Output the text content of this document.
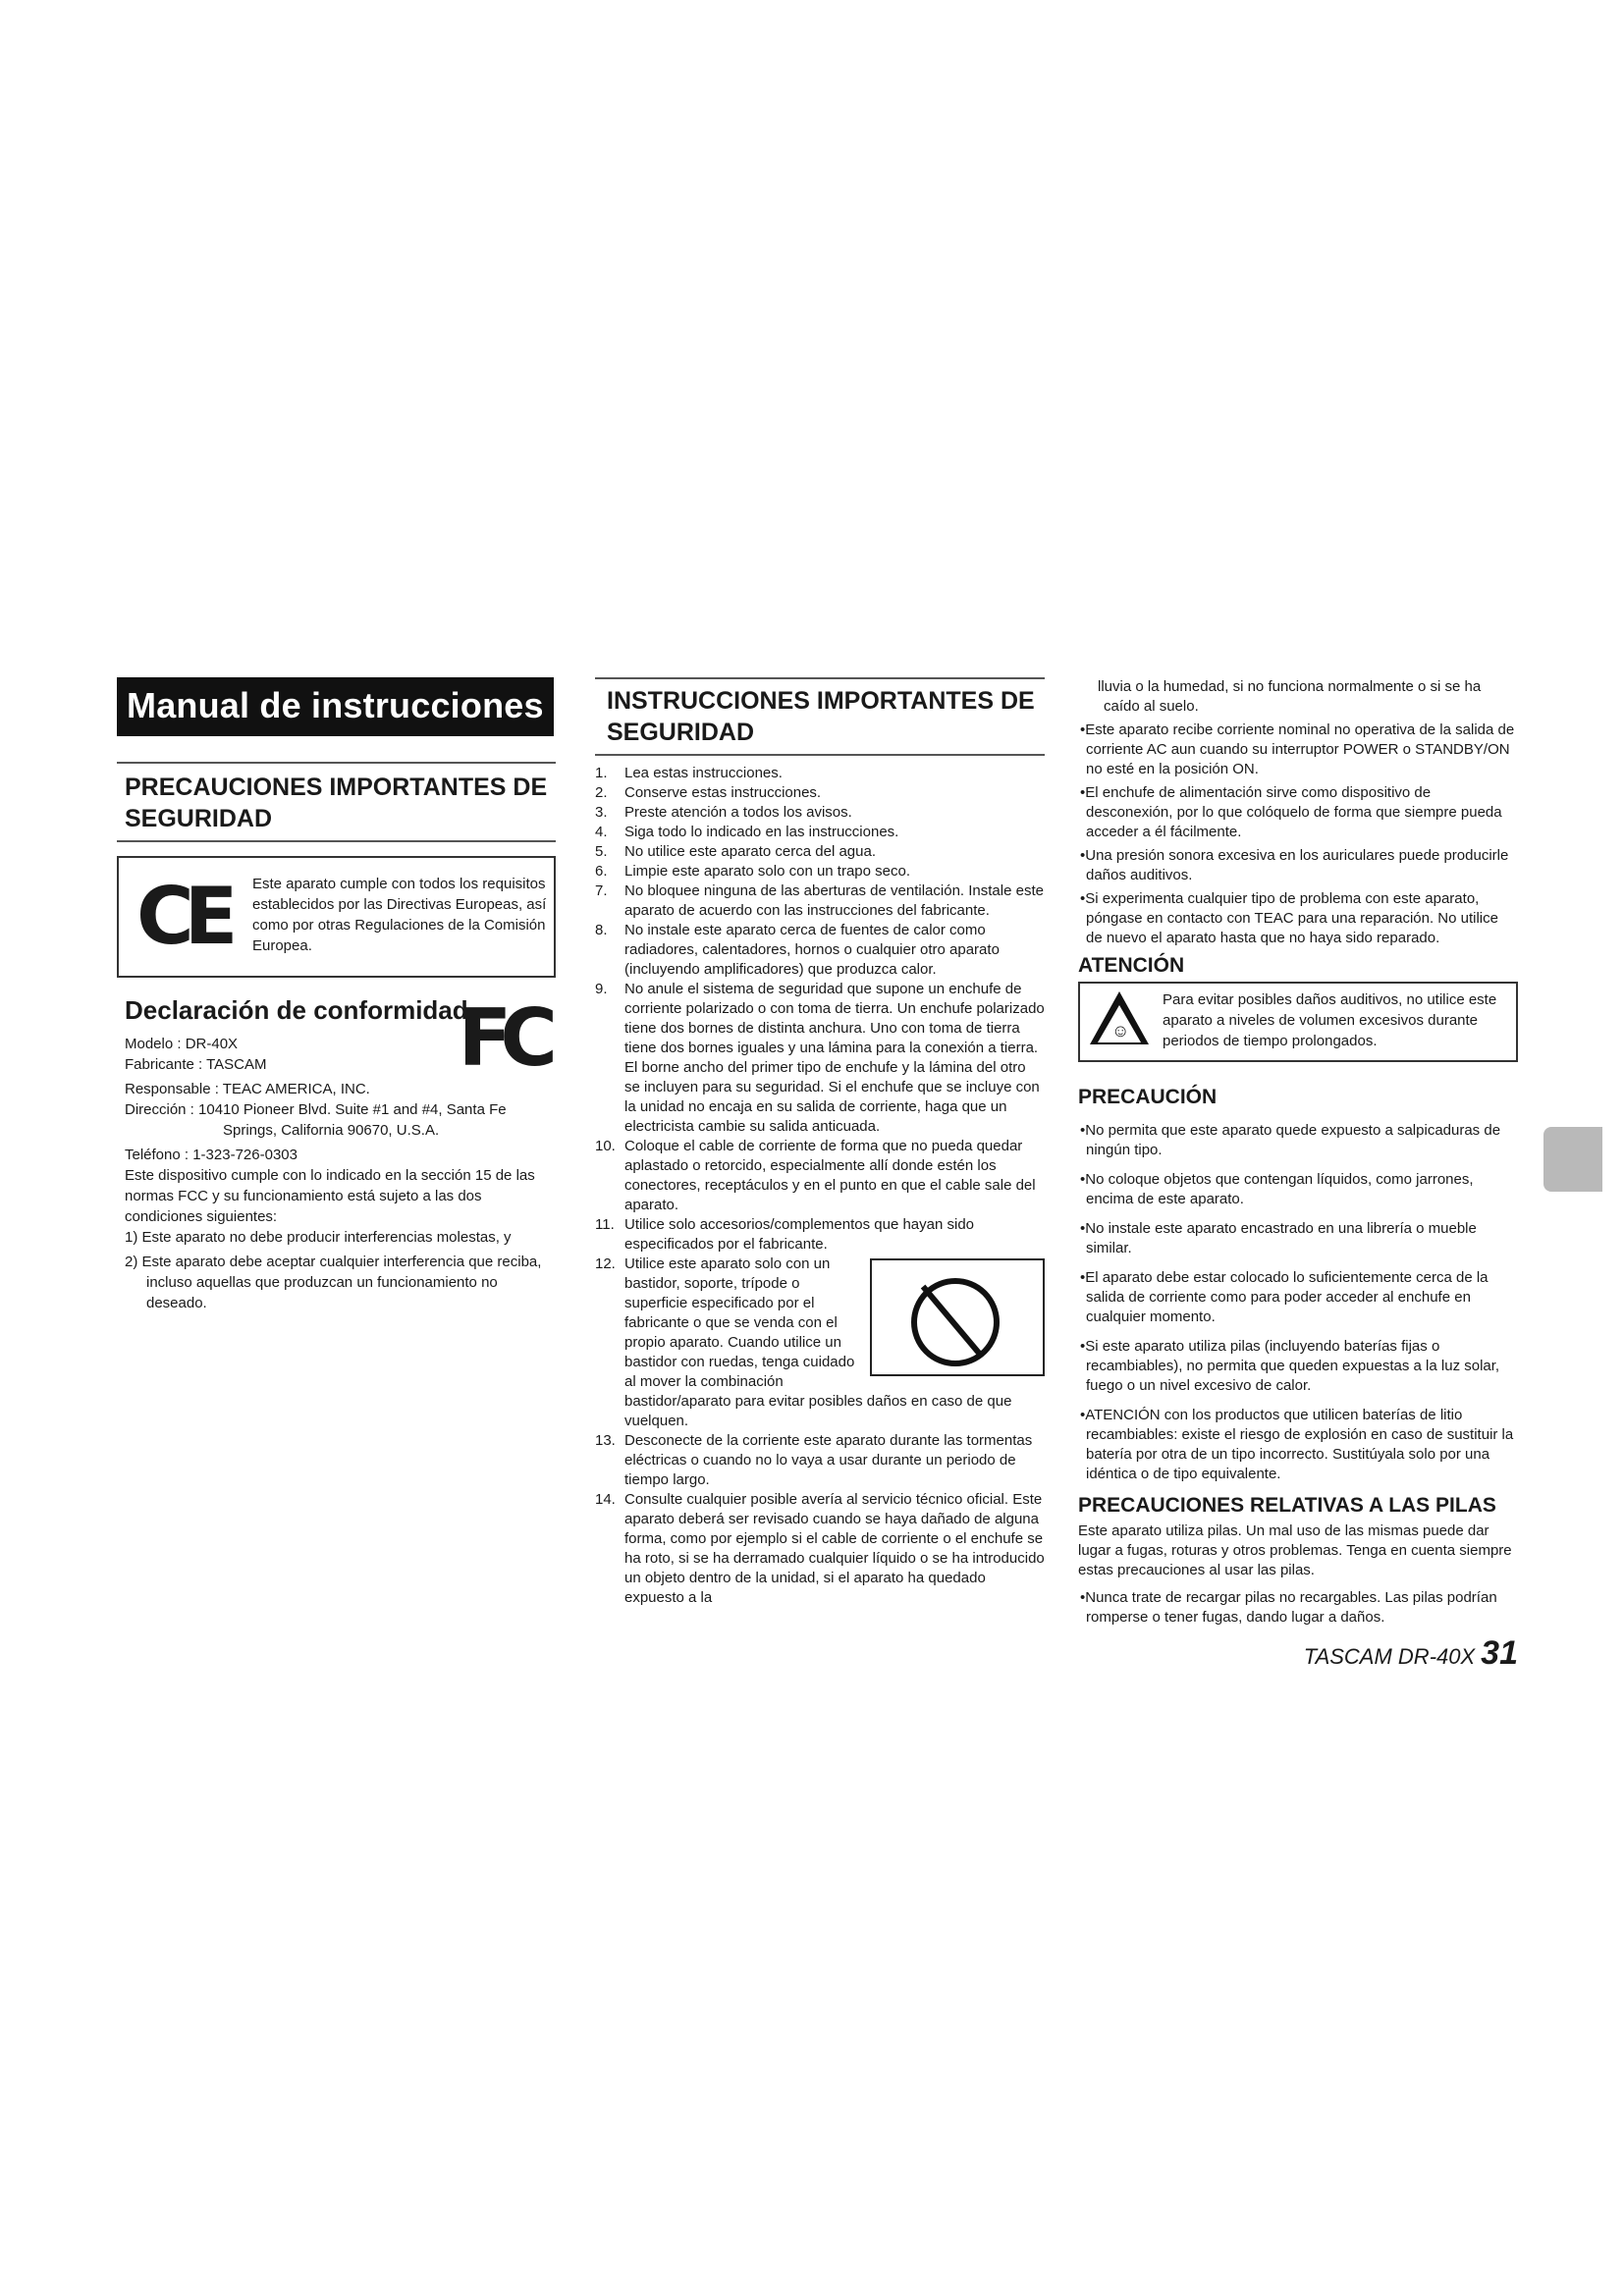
Manual de instrucciones
PRECAUCIONES IMPORTANTES DE SEGURIDAD
CE Este aparato cumple con todos los requisitos establecidos por las Directivas Europeas, así como por otras Regulaciones de la Comisión Europea.
Declaración de conformidad
FC
Modelo : DR-40X
Fabricante : TASCAM
Responsable : TEAC AMERICA, INC.
Dirección : 10410 Pioneer Blvd. Suite #1 and #4, Santa Fe
Springs, California 90670, U.S.A.
Teléfono : 1-323-726-0303
Este dispositivo cumple con lo indicado en la sección 15 de las normas FCC y su funcionamiento está sujeto a las dos condiciones siguientes:
1) Este aparato no debe producir interferencias molestas, y
2) Este aparato debe aceptar cualquier interferencia que reciba, incluso aquellas que produzcan un funcionamiento no deseado.
INSTRUCCIONES IMPORTANTES DE SEGURIDAD
1. Lea estas instrucciones.
2. Conserve estas instrucciones.
3. Preste atención a todos los avisos.
4. Siga todo lo indicado en las instrucciones.
5. No utilice este aparato cerca del agua.
6. Limpie este aparato solo con un trapo seco.
7. No bloquee ninguna de las aberturas de ventilación. Instale este aparato de acuerdo con las instrucciones del fabricante.
8. No instale este aparato cerca de fuentes de calor como radiadores, calentadores, hornos o cualquier otro aparato (incluyendo amplificadores) que produzca calor.
9. No anule el sistema de seguridad que supone un enchufe de corriente polarizado o con toma de tierra. Un enchufe polarizado tiene dos bornes de distinta anchura. Uno con toma de tierra tiene dos bornes iguales y una lámina para la conexión a tierra. El borne ancho del primer tipo de enchufe y la lámina del otro se incluyen para su seguridad. Si el enchufe que se incluye con la unidad no encaja en su salida de corriente, haga que un electricista cambie su salida anticuada.
10. Coloque el cable de corriente de forma que no pueda quedar aplastado o retorcido, especialmente allí donde estén los conectores, receptáculos y en el punto en que el cable sale del aparato.
11. Utilice solo accesorios/complementos que hayan sido especificados por el fabricante.
12. Utilice este aparato solo con un bastidor, soporte, trípode o superficie especificado por el fabricante o que se venda con el propio aparato. Cuando utilice un bastidor con ruedas, tenga cuidado al mover la combinación bastidor/aparato para evitar posibles daños en caso de que vuelquen.
13. Desconecte de la corriente este aparato durante las tormentas eléctricas o cuando no lo vaya a usar durante un periodo de tiempo largo.
14. Consulte cualquier posible avería al servicio técnico oficial. Este aparato deberá ser revisado cuando se haya dañado de alguna forma, como por ejemplo si el cable de corriente o el enchufe se ha roto, si se ha derramado cualquier líquido o se ha introducido un objeto dentro de la unidad, si el aparato ha quedado expuesto a la
lluvia o la humedad, si no funciona normalmente o si se ha caído al suelo.
•Este aparato recibe corriente nominal no operativa de la salida de corriente AC aun cuando su interruptor POWER o STANDBY/ON no esté en la posición ON.
•El enchufe de alimentación sirve como dispositivo de desconexión, por lo que colóquelo de forma que siempre pueda acceder a él fácilmente.
•Una presión sonora excesiva en los auriculares puede producirle daños auditivos.
•Si experimenta cualquier tipo de problema con este aparato, póngase en contacto con TEAC para una reparación. No utilice de nuevo el aparato hasta que no haya sido reparado.
ATENCIÓN
☺
Para evitar posibles daños auditivos, no utilice este aparato a niveles de volumen excesivos durante periodos de tiempo prolongados.
PRECAUCIÓN
•No permita que este aparato quede expuesto a salpicaduras de ningún tipo.
•No coloque objetos que contengan líquidos, como jarrones, encima de este aparato.
•No instale este aparato encastrado en una librería o mueble similar.
•El aparato debe estar colocado lo suficientemente cerca de la salida de corriente como para poder acceder al enchufe en cualquier momento.
•Si este aparato utiliza pilas (incluyendo baterías fijas o recambiables), no permita que queden expuestas a la luz solar, fuego o un nivel excesivo de calor.
•ATENCIÓN con los productos que utilicen baterías de litio recambiables: existe el riesgo de explosión en caso de sustituir la batería por otra de un tipo incorrecto. Sustitúyala solo por una idéntica o de tipo equivalente.
PRECAUCIONES RELATIVAS A LAS PILAS
Este aparato utiliza pilas. Un mal uso de las mismas puede dar lugar a fugas, roturas y otros problemas. Tenga en cuenta siempre estas precauciones al usar las pilas.
•Nunca trate de recargar pilas no recargables. Las pilas podrían romperse o tener fugas, dando lugar a daños.
TASCAM DR-40X 31
